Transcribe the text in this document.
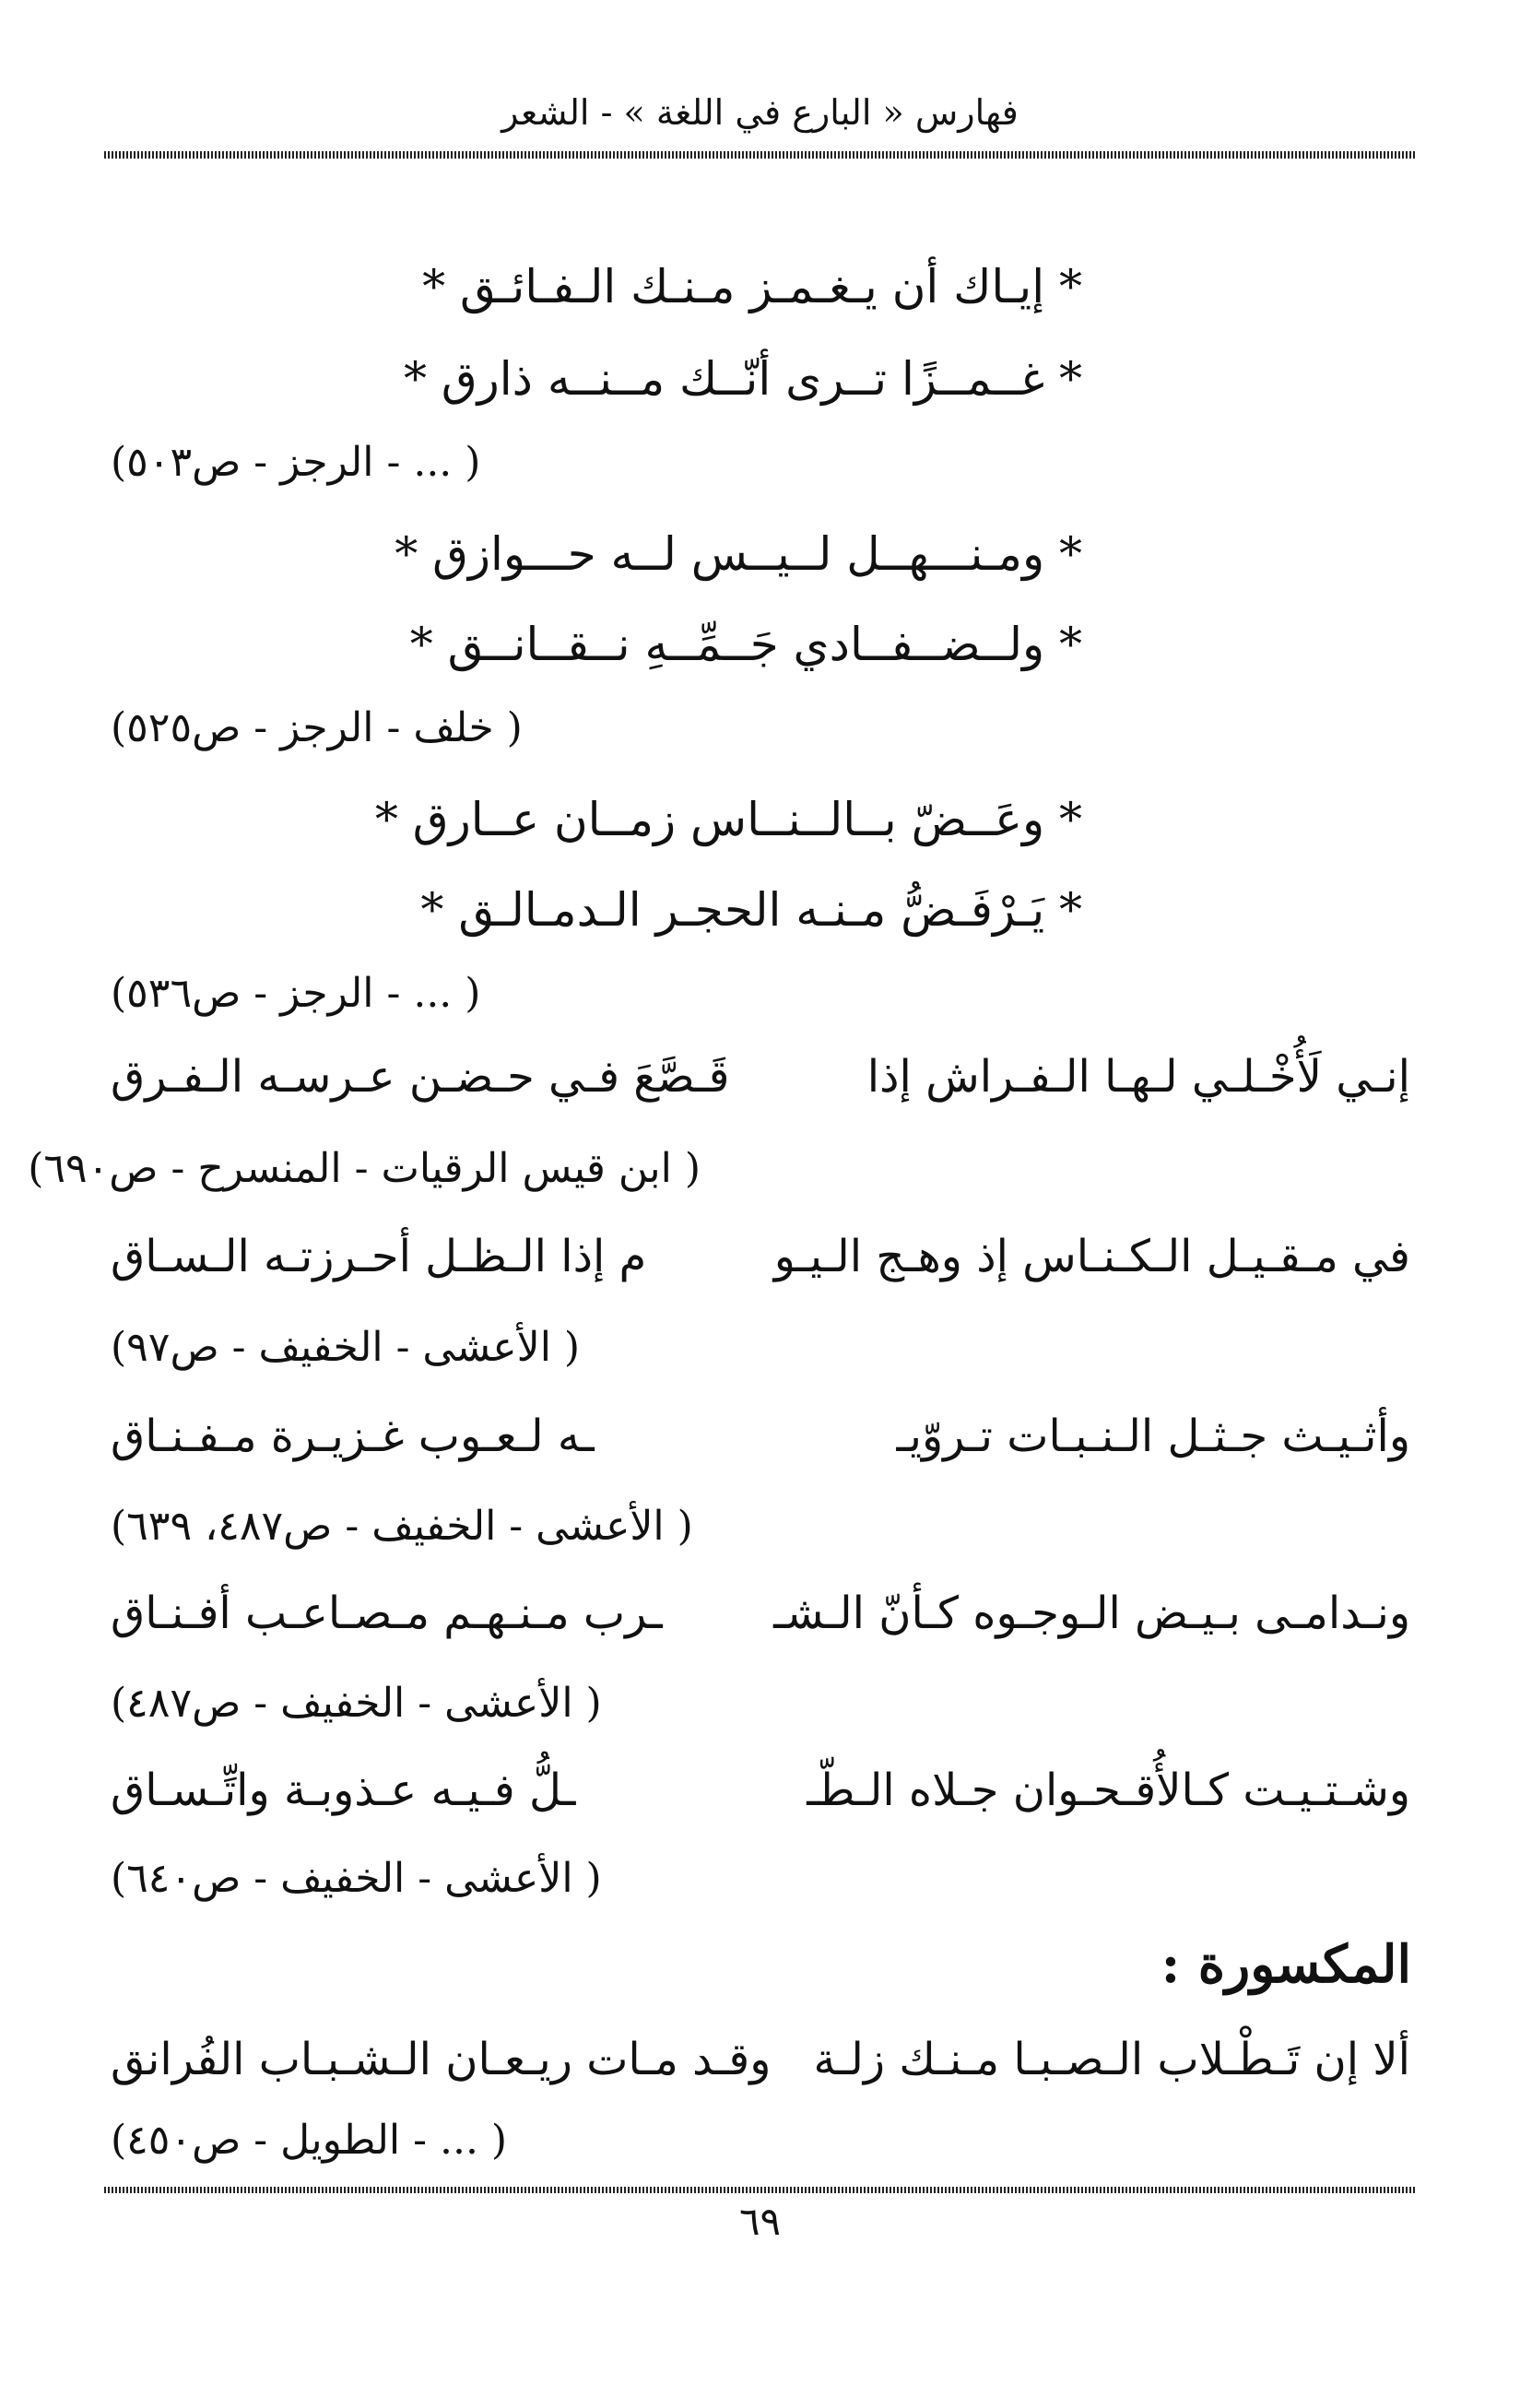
فهارس « البارع في اللغة » - الشعر
* إيـاك أن يـغـمـز مـنـك الـفـائـق *
* غــمــزًا تــرى أنّــك مــنــه ذارق *
( ... - الرجز - ص٥٠٣)
* ومـنـــهــل لــيــس لــه حـــوازق *
* ولــضــفــادي جَــمِّــهِ نــقــانــق *
( خلف - الرجز - ص٥٢٥)
* وعَــضّ بــالــنــاس زمــان عــارق *
* يَـرْفَـضُّ مـنـه الحجـر الـدمـالـق *
( ... - الرجز - ص٥٣٦)
إنـي لَأُخْـلـي لـهـا الـفـراش إذا
قَـصَّعَ فـي حـضـن عـرسـه الـفـرق
( ابن قيس الرقيات - المنسرح - ص٦٩٠)
في مـقـيـل الـكـنـاس إذ وهـج الـيـو
م إذا الـظـل أحـرزتـه الـسـاق
( الأعشى - الخفيف - ص٩٧)
وأثـيـث جـثـل الـنـبـات تـروّيـ
ـه لـعـوب غـزيـرة مـفـنـاق
( الأعشى - الخفيف - ص٤٨٧، ٦٣٩)
ونـدامـى بـيـض الـوجـوه كـأنّ الـشـ
ـرب مـنـهـم مـصـاعـب أفـنـاق
( الأعشى - الخفيف - ص٤٨٧)
وشـتـيـت كـالأُقـحـوان جـلاه الـطّـ
ـلُّ فـيـه عـذوبـة واتِّـسـاق
( الأعشى - الخفيف - ص٦٤٠)
المكسورة :
ألا إن تَـطْـلاب الـصـبـا مـنـك زلـة
وقـد مـات ريـعـان الـشـبـاب الفُرانق
( ... - الطويل - ص٤٥٠)
٦٩
